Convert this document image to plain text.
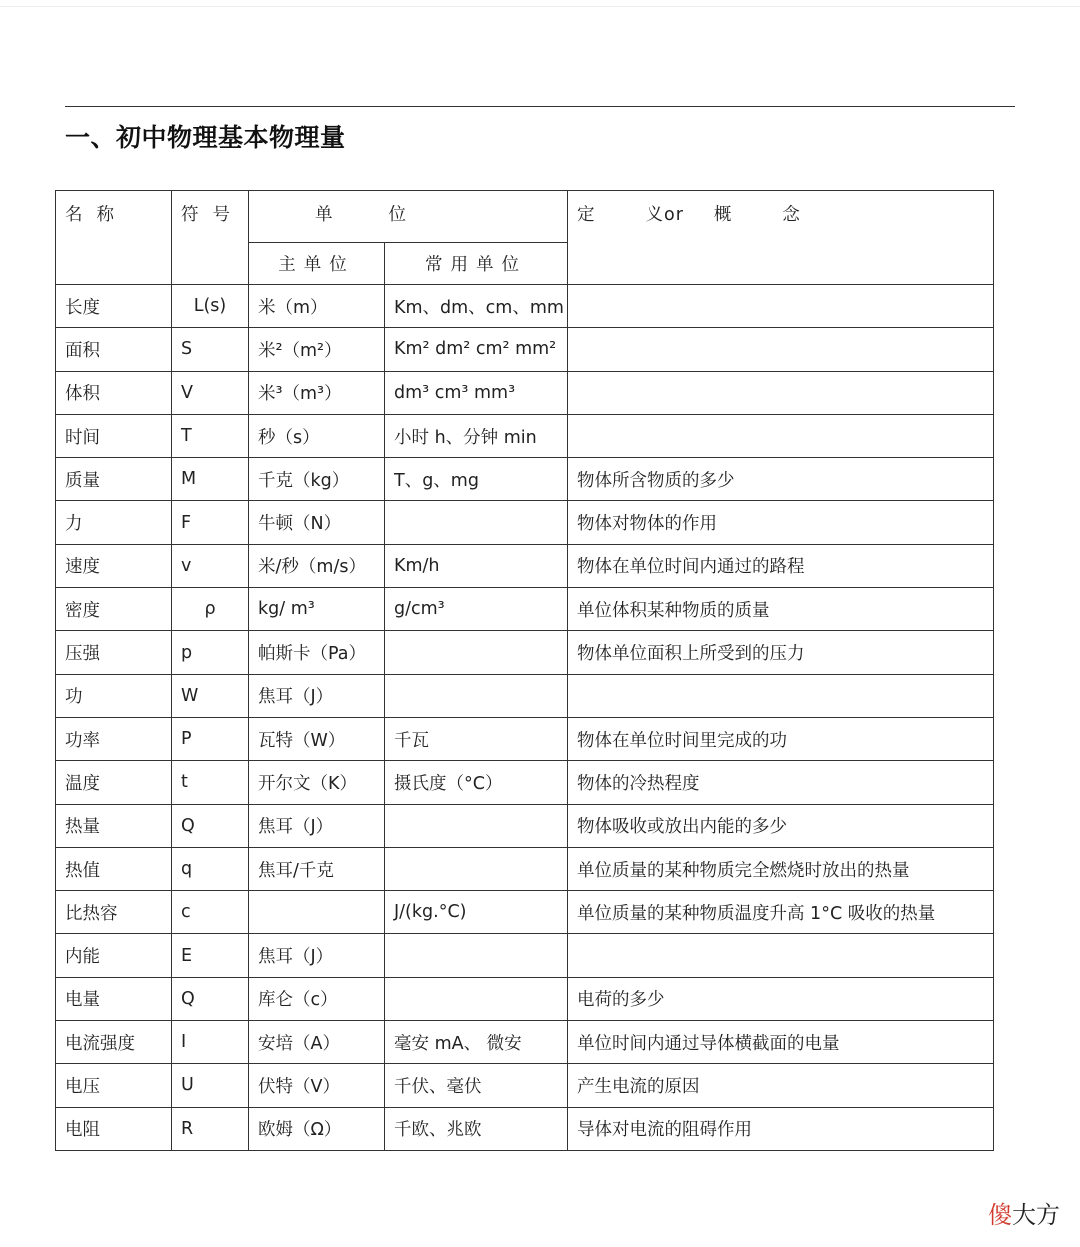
一、初中物理基本物理量
名称	符号	单位		定 义or 概 念
		主单位	常用单位	
长度	L(s)	米（m）	Km、dm、cm、mm	
面积	S	米²（m²）	Km² dm² cm² mm²	
体积	V	米³（m³）	dm³ cm³ mm³	
时间	T	秒（s）	小时 h、分钟 min	
质量	M	千克（kg）	T、g、mg	物体所含物质的多少
力	F	牛顿（N）		物体对物体的作用
速度	v	米/秒（m/s）	Km/h	物体在单位时间内通过的路程
密度	ρ	kg/ m³	g/cm³	单位体积某种物质的质量
压强	p	帕斯卡（Pa）		物体单位面积上所受到的压力
功	W	焦耳（J）		
功率	P	瓦特（W）	千瓦	物体在单位时间里完成的功
温度	t	开尔文（K）	摄氏度（°C）	物体的冷热程度
热量	Q	焦耳（J）		物体吸收或放出内能的多少
热值	q	焦耳/千克		单位质量的某种物质完全燃烧时放出的热量
比热容	c		J/(kg.°C)	单位质量的某种物质温度升高 1°C 吸收的热量
内能	E	焦耳（J）		
电量	Q	库仑（c）		电荷的多少
电流强度	I	安培（A）	毫安 mA、 微安	单位时间内通过导体横截面的电量
电压	U	伏特（V）	千伏、毫伏	产生电流的原因
电阻	R	欧姆（Ω）	千欧、兆欧	导体对电流的阻碍作用
傻大方
